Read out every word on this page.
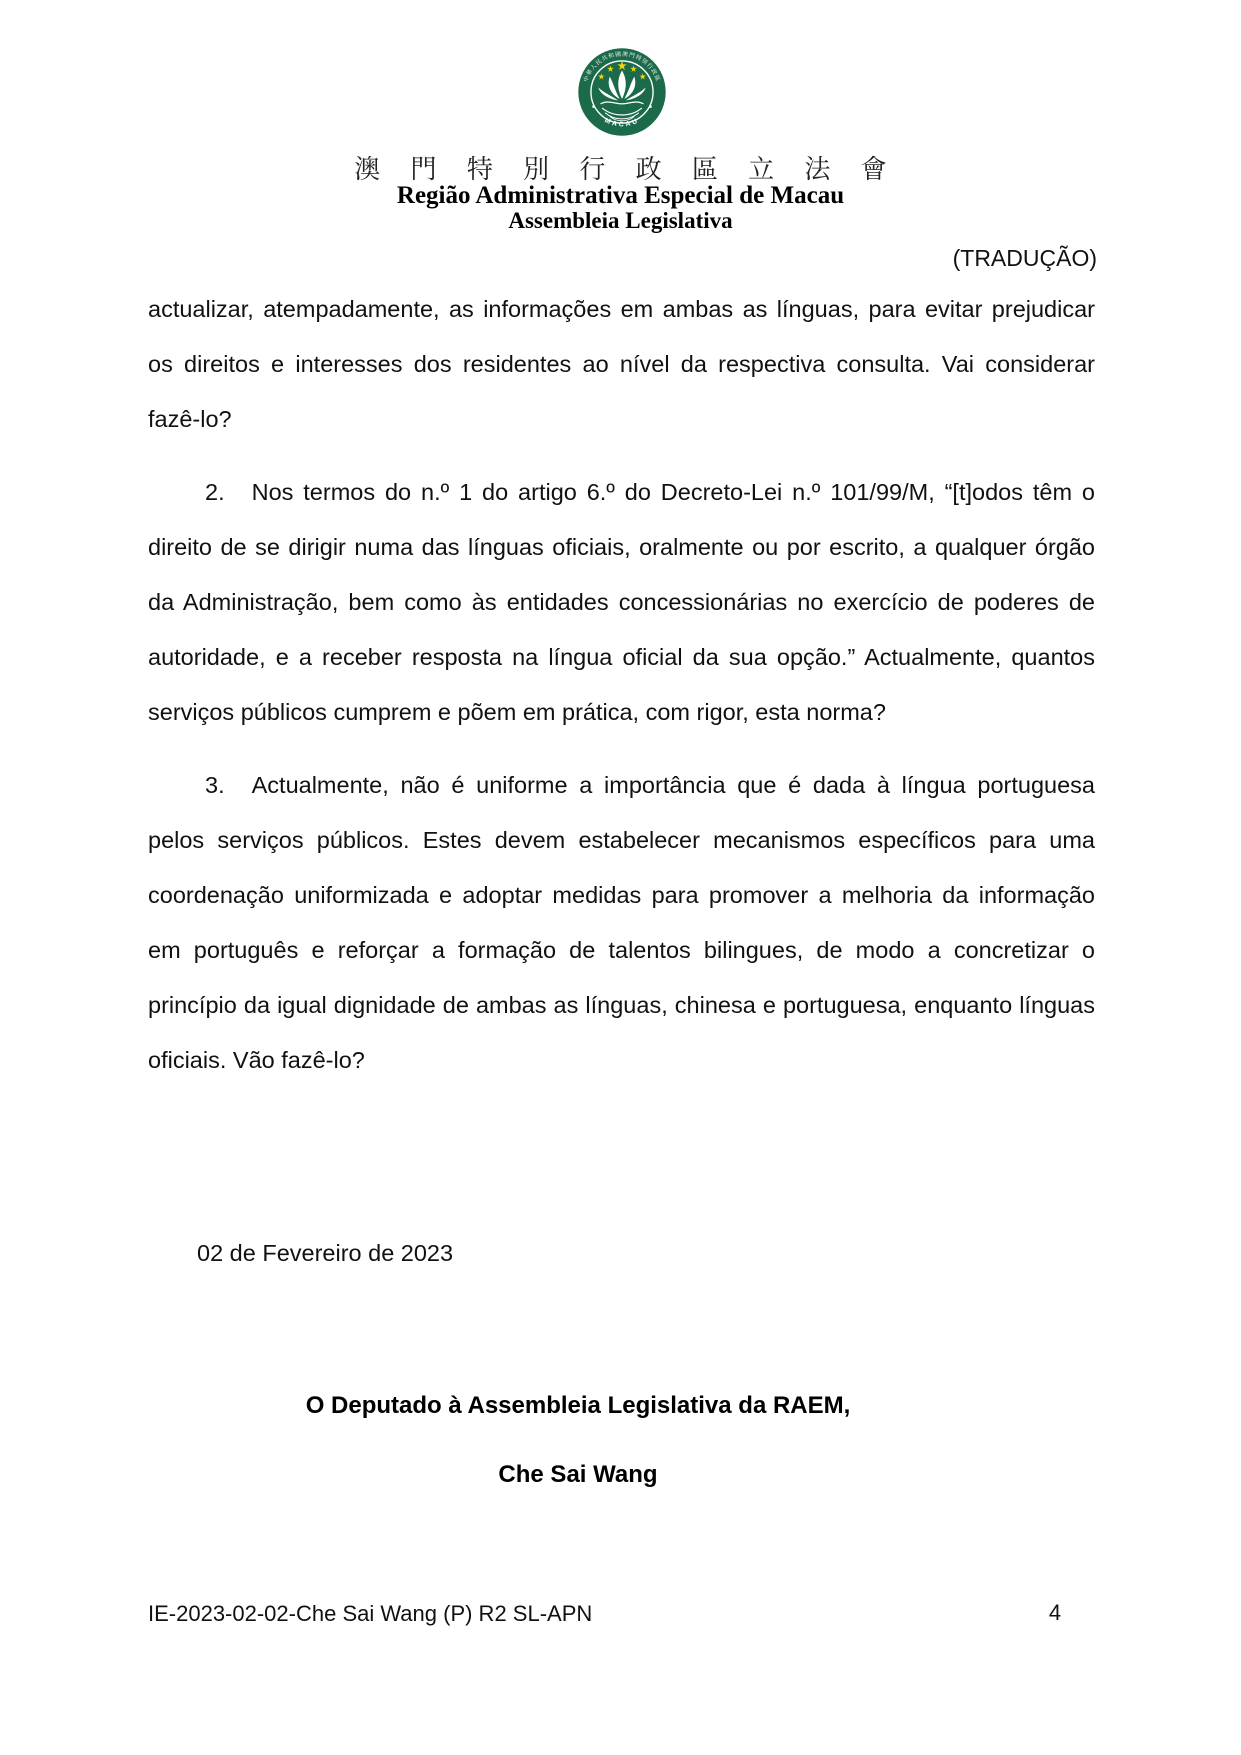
中華人民共和國澳門特別行政區
MACAU
澳 門 特 別 行 政 區 立 法 會
Região Administrativa Especial de Macau
Assembleia Legislativa
(TRADUÇÃO)

actualizar, atempadamente, as informações em ambas as línguas, para evitar prejudicar os direitos e interesses dos residentes ao nível da respectiva consulta. Vai considerar fazê-lo?

2. Nos termos do n.º 1 do artigo 6.º do Decreto-Lei n.º 101/99/M, “[t]odos têm o direito de se dirigir numa das línguas oficiais, oralmente ou por escrito, a qualquer órgão da Administração, bem como às entidades concessionárias no exercício de poderes de autoridade, e a receber resposta na língua oficial da sua opção.” Actualmente, quantos serviços públicos cumprem e põem em prática, com rigor, esta norma?

3. Actualmente, não é uniforme a importância que é dada à língua portuguesa pelos serviços públicos. Estes devem estabelecer mecanismos específicos para uma coordenação uniformizada e adoptar medidas para promover a melhoria da informação em português e reforçar a formação de talentos bilingues, de modo a concretizar o princípio da igual dignidade de ambas as línguas, chinesa e portuguesa, enquanto línguas oficiais. Vão fazê-lo?

02 de Fevereiro de 2023
O Deputado à Assembleia Legislativa da RAEM,
Che Sai Wang
IE-2023-02-02-Che Sai Wang (P) R2 SL-APN	4
